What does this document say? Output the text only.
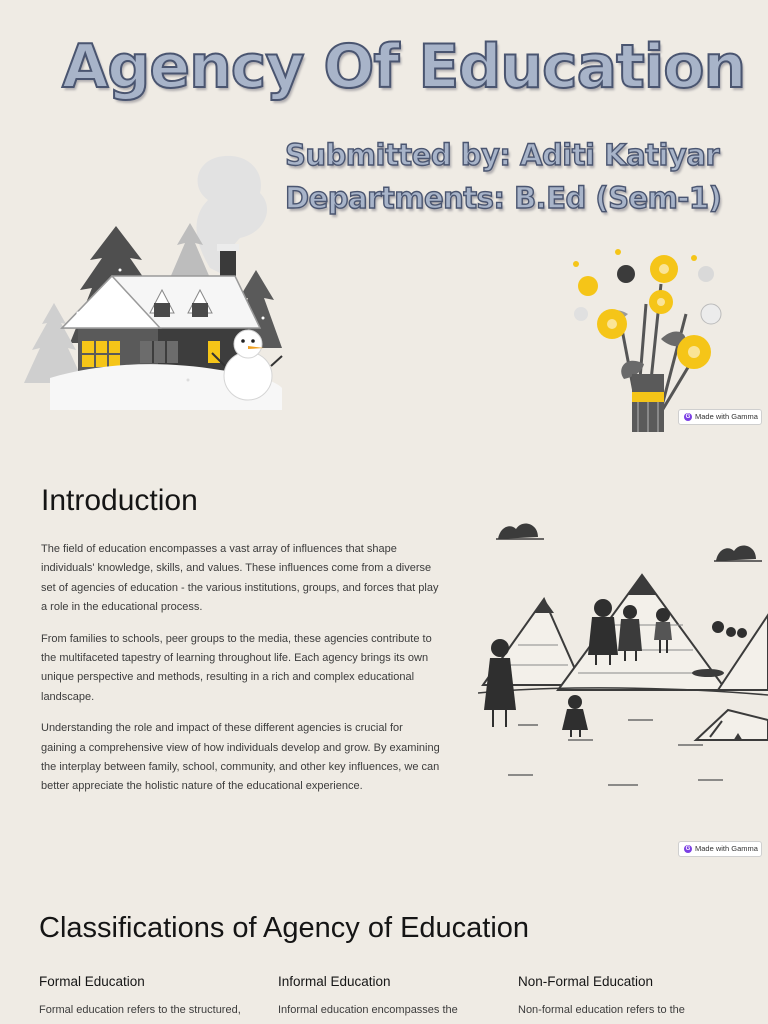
Agency Of Education
Submitted by: Aditi Katiyar
Departments: B.Ed (Sem-1)
G Made with Gamma
Introduction

The field of education encompasses a vast array of influences that shape individuals' knowledge, skills, and values. These influences come from a diverse set of agencies of education - the various institutions, groups, and forces that play a role in the educational process.

From families to schools, peer groups to the media, these agencies contribute to the multifaceted tapestry of learning throughout life. Each agency brings its own unique perspective and methods, resulting in a rich and complex educational landscape.

Understanding the role and impact of these different agencies is crucial for gaining a comprehensive view of how individuals develop and grow. By examining the interplay between family, school, community, and other key influences, we can better appreciate the holistic nature of the educational experience.

G Made with Gamma
Classifications of Agency of Education
Formal Education

Formal education refers to the structured,

Informal Education

Informal education encompasses the

Non-Formal Education

Non-formal education refers to the
